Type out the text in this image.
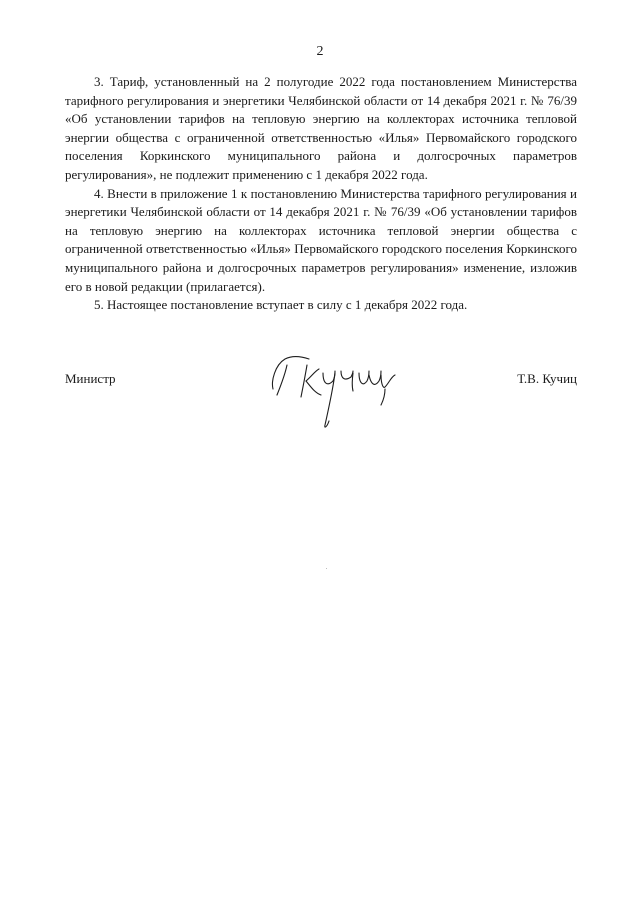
2

3. Тариф, установленный на 2 полугодие 2022 года постановлением Министерства тарифного регулирования и энергетики Челябинской области от 14 декабря 2021 г. № 76/39 «Об установлении тарифов на тепловую энергию на коллекторах источника тепловой энергии общества с ограниченной ответственностью «Илья» Первомайского городского поселения Коркинского муниципального района и долгосрочных параметров регулирования», не подлежит применению с 1 декабря 2022 года.

4. Внести в приложение 1 к постановлению Министерства тарифного регулирования и энергетики Челябинской области от 14 декабря 2021 г. № 76/39 «Об установлении тарифов на тепловую энергию на коллекторах источника тепловой энергии общества с ограниченной ответственностью «Илья» Первомайского городского поселения Коркинского муниципального района и долгосрочных параметров регулирования» изменение, изложив его в новой редакции (прилагается).

5. Настоящее постановление вступает в силу с 1 декабря 2022 года.

Министр	Т.В. Кучиц
